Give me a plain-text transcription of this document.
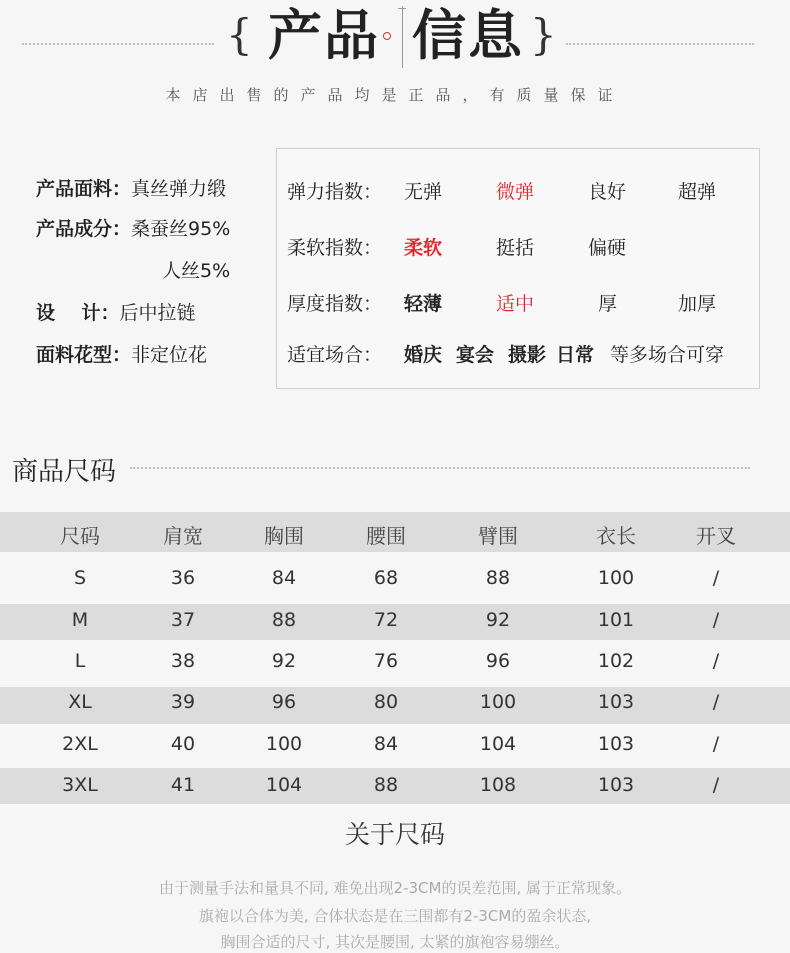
{ 产品 信息 }
本店出售的产品均是正品，有质量保证
产品面料：真丝弹力缎
产品成分：桑蚕丝95%
人丝5%
设    计：后中拉链
面料花型：非定位花
弹力指数： 无弹	微弹	良好	超弹
柔软指数： 柔软	挺括	偏硬
厚度指数： 轻薄	适中	厚	加厚
适宜场合： 婚庆 宴会 摄影 日常 等多场合可穿
商品尺码
尺码	肩宽	胸围	腰围	臂围	衣长	开叉
S	36	84	68	88	100	/
M	37	88	72	92	101	/
L	38	92	76	96	102	/
XL	39	96	80	100	103	/
2XL	40	100	84	104	103	/
3XL	41	104	88	108	103	/
关于尺码
由于测量手法和量具不同, 难免出现2-3CM的误差范围, 属于正常现象。
旗袍以合体为美, 合体状态是在三围都有2-3CM的盈余状态,
胸围合适的尺寸, 其次是腰围, 太紧的旗袍容易绷丝。
